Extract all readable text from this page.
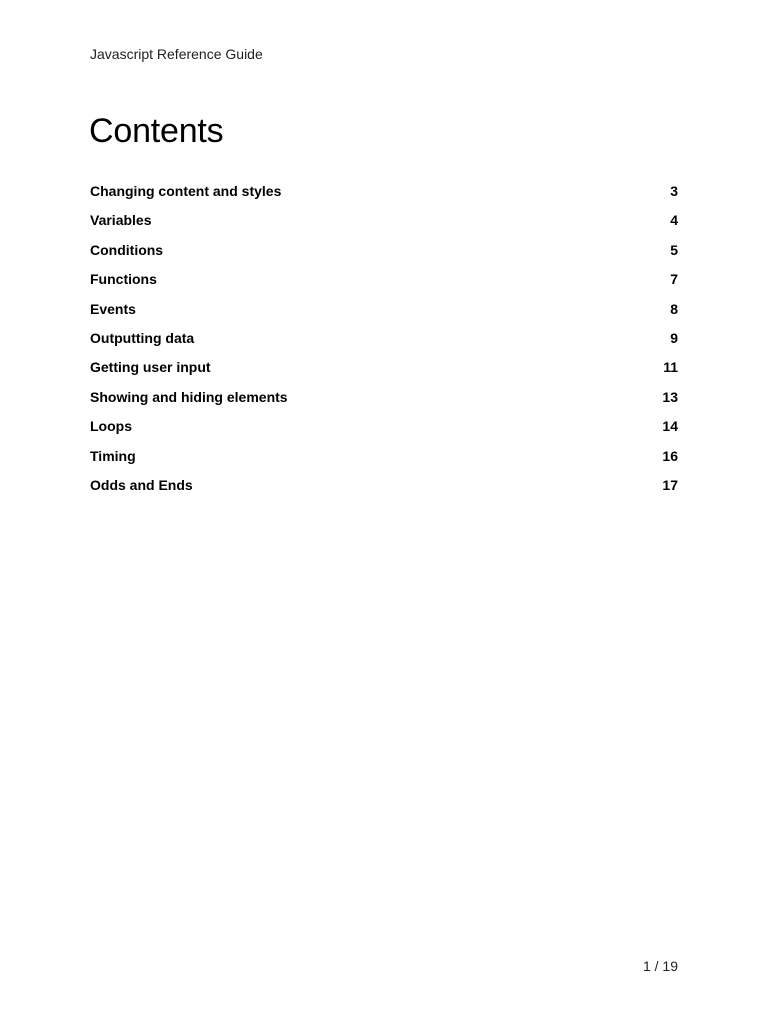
Javascript Reference Guide
Contents
Changing content and styles	3
Variables	4
Conditions	5
Functions	7
Events	8
Outputting data	9
Getting user input	11
Showing and hiding elements	13
Loops	14
Timing	16
Odds and Ends	17
1 / 19
